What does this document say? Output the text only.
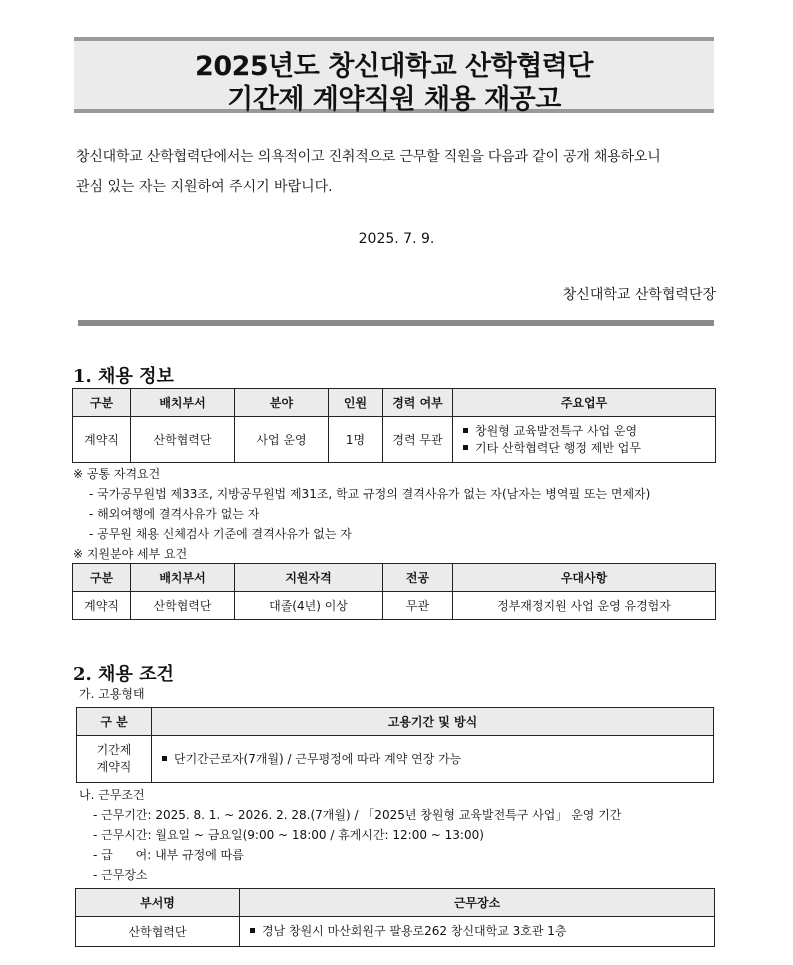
2025년도 창신대학교 산학협력단
기간제 계약직원 채용 재공고
창신대학교 산학협력단에서는 의욕적이고 진취적으로 근무할 직원을 다음과 같이 공개 채용하오니
관심 있는 자는 지원하여 주시기 바랍니다.
2025. 7. 9.
창신대학교 산학협력단장
1. 채용 정보
구분	배치부서	분야	인원	경력 여부	주요업무
계약직	산학협력단	사업 운영	1명	경력 무관	창원형 교육발전특구 사업 운영
기타 산학협력단 행정 제반 업무
※ 공통 자격요건
- 국가공무원법 제33조, 지방공무원법 제31조, 학교 규정의 결격사유가 없는 자(남자는 병역필 또는 면제자)
- 해외여행에 결격사유가 없는 자
- 공무원 채용 신체검사 기준에 결격사유가 없는 자
※ 지원분야 세부 요건
구분	배치부서	지원자격	전공	우대사항
계약직	산학협력단	대졸(4년) 이상	무관	정부재정지원 사업 운영 유경험자
2. 채용 조건
가. 고용형태
구 분	고용기간 및 방식

기간제
계약직	단기간근로자(7개월) / 근무평정에 따라 계약 연장 가능
나. 근무조건
- 근무기간: 2025. 8. 1. ~ 2026. 2. 28.(7개월) / 「2025년 창원형 교육발전특구 사업」 운영 기간
- 근무시간: 월요일 ~ 금요일(9:00 ~ 18:00 / 휴게시간: 12:00 ~ 13:00)
- 급      여: 내부 규정에 따름
- 근무장소
부서명	근무장소
산학협력단	경남 창원시 마산회원구 팔용로262 창신대학교 3호관 1층
